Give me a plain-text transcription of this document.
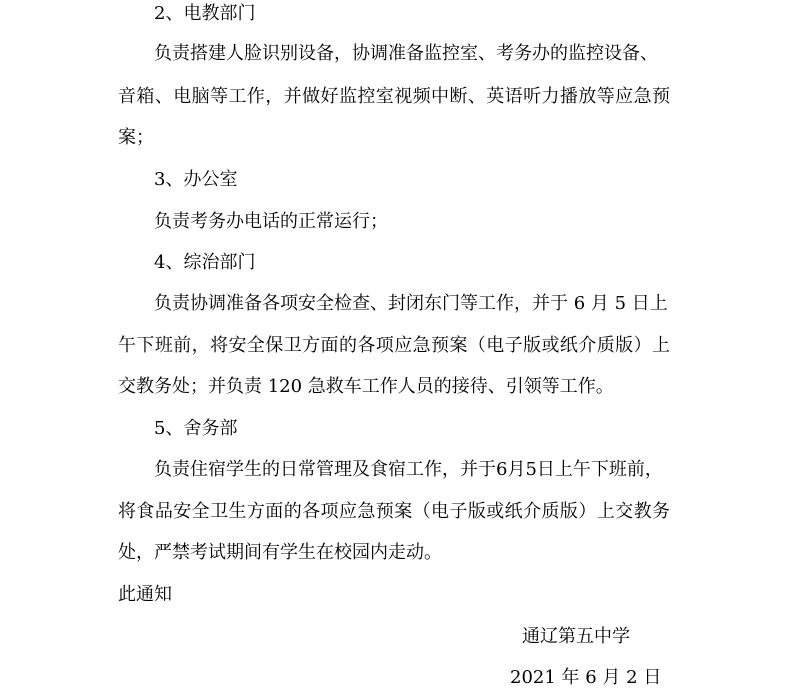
2、电教部门
负责搭建人脸识别设备，协调准备监控室、考务办的监控设备、
音箱、电脑等工作，并做好监控室视频中断、英语听力播放等应急预
案；
3、办公室
负责考务办电话的正常运行；
4、综治部门
负责协调准备各项安全检查、封闭东门等工作，并于 6 月 5 日上
午下班前，将安全保卫方面的各项应急预案（电子版或纸介质版）上
交教务处；并负责 120 急救车工作人员的接待、引领等工作。
5、舍务部
负责住宿学生的日常管理及食宿工作，并于6月5日上午下班前，
将食品安全卫生方面的各项应急预案（电子版或纸介质版）上交教务
处，严禁考试期间有学生在校园内走动。
此通知
通辽第五中学
2021 年 6 月 2 日
